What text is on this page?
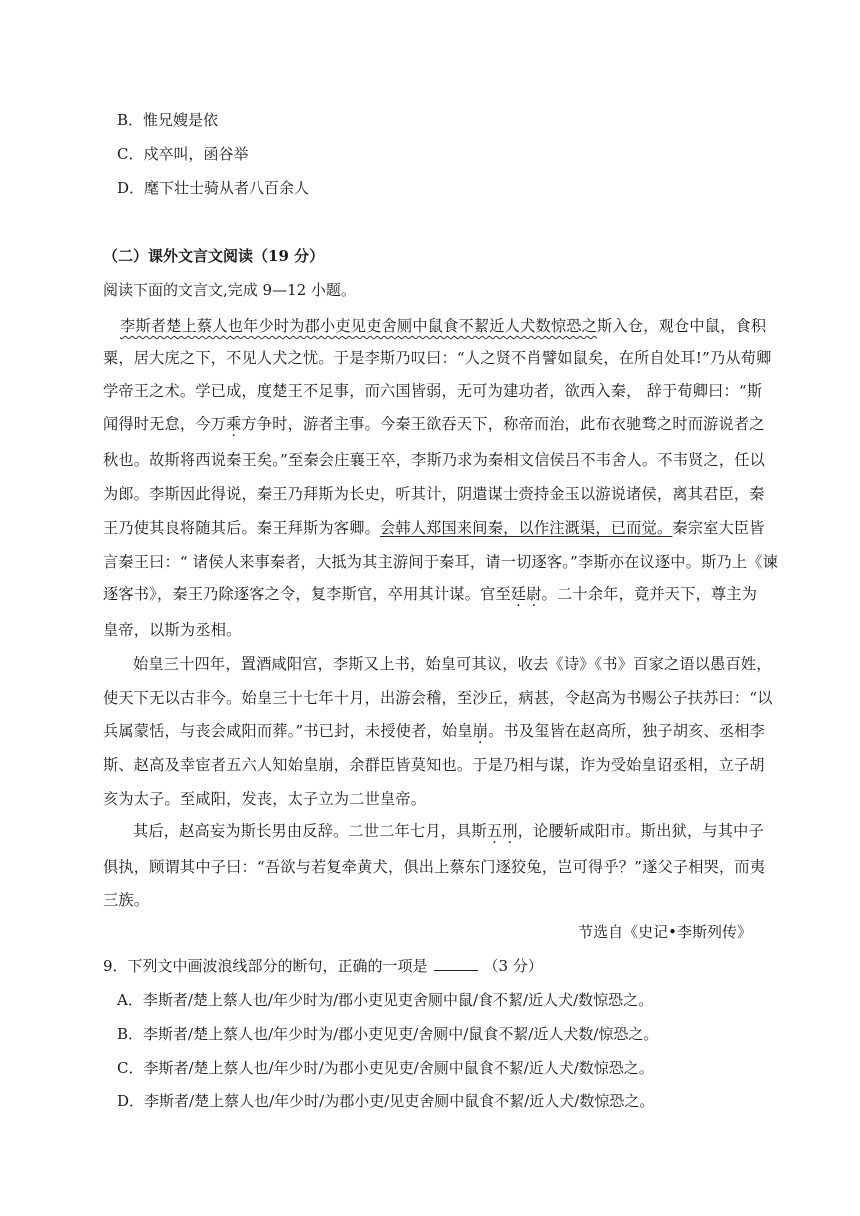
B．惟兄嫂是依
C．戍卒叫，函谷举
D．麾下壮士骑从者八百余人
（二）课外文言文阅读（19 分）
阅读下面的文言文,完成 9—12 小题。
李斯者楚上蔡人也年少时为郡小吏见吏舍厕中鼠食不絜近人犬数惊恐之斯入仓，观仓中鼠，食积
粟，居大庑之下，不见人犬之忧。于是李斯乃叹曰：“人之贤不肖譬如鼠矣，在所自处耳!”乃从荀卿
学帝王之术。学已成，度楚王不足事，而六国皆弱，无可为建功者，欲西入秦， 辞于荀卿曰：“斯
闻得时无怠，今万乘方争时，游者主事。今秦王欲吞天下，称帝而治，此布衣驰骛之时而游说者之
秋也。故斯将西说秦王矣。”至秦会庄襄王卒，李斯乃求为秦相文信侯吕不韦舍人。不韦贤之，任以
为郎。李斯因此得说，秦王乃拜斯为长史，听其计，阴遣谋士赍持金玉以游说诸侯，离其君臣，秦
王乃使其良将随其后。秦王拜斯为客卿。会韩人郑国来间秦，以作注溉渠，已而觉。秦宗室大臣皆
言秦王曰：“ 诸侯人来事秦者，大抵为其主游间于秦耳，请一切逐客。”李斯亦在议逐中。斯乃上《谏
逐客书》，秦王乃除逐客之令，复李斯官，卒用其计谋。官至廷尉。二十余年，竟并天下，尊主为
皇帝，以斯为丞相。
始皇三十四年，置酒咸阳宫，李斯又上书，始皇可其议，收去《诗》《书》百家之语以愚百姓，
使天下无以古非今。始皇三十七年十月，出游会稽，至沙丘，病甚，令赵高为书赐公子扶苏曰：“以
兵属蒙恬，与丧会咸阳而葬。”书已封，未授使者，始皇崩。书及玺皆在赵高所，独子胡亥、丞相李
斯、赵高及幸宦者五六人知始皇崩，余群臣皆莫知也。于是乃相与谋，诈为受始皇诏丞相，立子胡
亥为太子。至咸阳，发丧，太子立为二世皇帝。
其后，赵高妄为斯长男由反辞。二世二年七月，具斯五刑，论腰斩咸阳市。斯出狱，与其中子
俱执，顾谓其中子曰：“吾欲与若复牵黄犬，俱出上蔡东门逐狡兔，岂可得乎？”遂父子相哭，而夷
三族。
节选自《史记•李斯列传》
9．下列文中画波浪线部分的断句，正确的一项是	（3 分）
A．李斯者/楚上蔡人也/年少时为/郡小吏见吏舍厕中鼠/食不絜/近人犬/数惊恐之。
B．李斯者/楚上蔡人也/年少时为/郡小吏见吏/舍厕中/鼠食不絜/近人犬数/惊恐之。
C．李斯者/楚上蔡人也/年少时/为郡小吏见吏/舍厕中鼠食不絜/近人犬/数惊恐之。
D．李斯者/楚上蔡人也/年少时/为郡小吏/见吏舍厕中鼠食不絜/近人犬/数惊恐之。
